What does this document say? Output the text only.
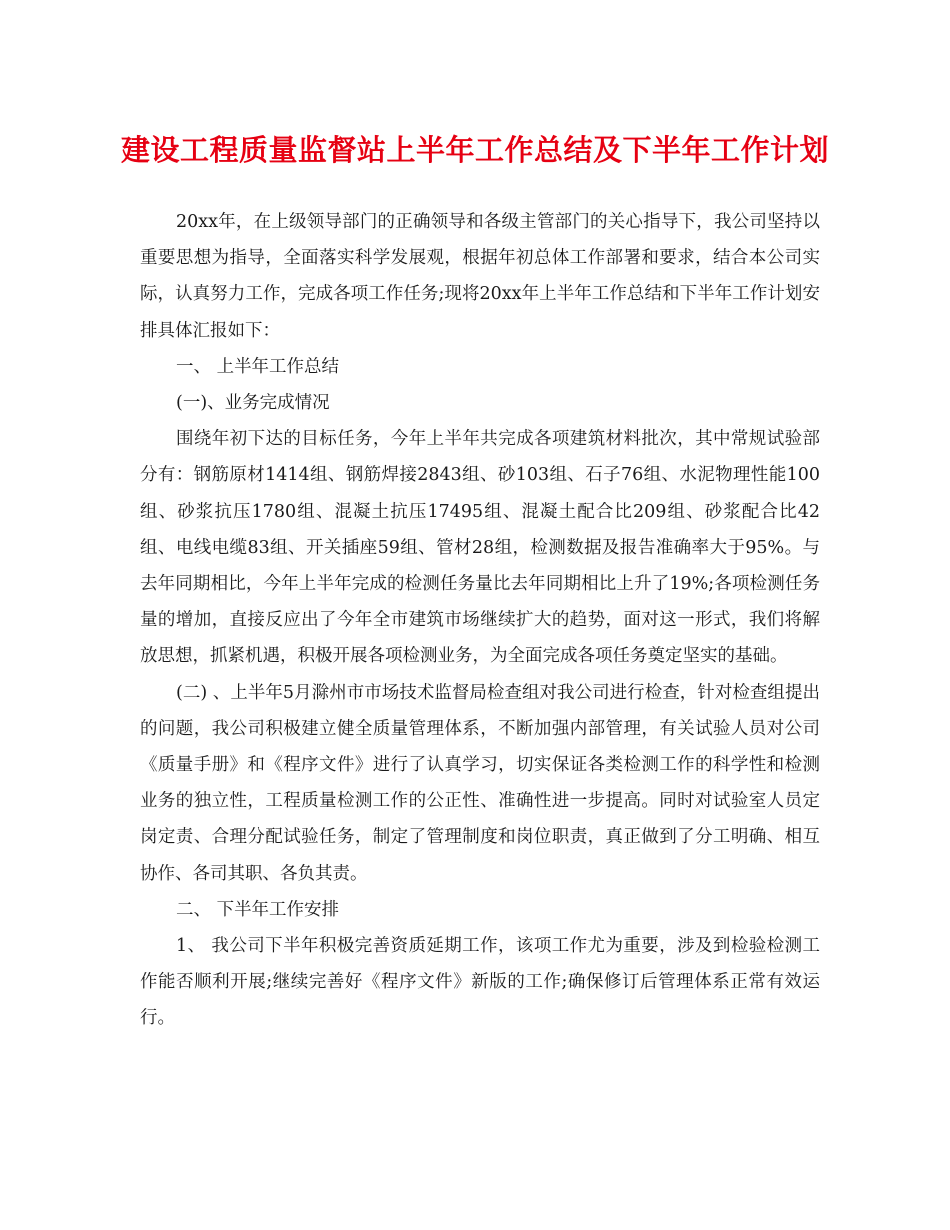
建设工程质量监督站上半年工作总结及下半年工作计划

20xx年，在上级领导部门的正确领导和各级主管部门的关心指导下，我公司坚持以重要思想为指导，全面落实科学发展观，根据年初总体工作部署和要求，结合本公司实际，认真努力工作，完成各项工作任务;现将20xx年上半年工作总结和下半年工作计划安排具体汇报如下：

一、 上半年工作总结

(一)、业务完成情况

围绕年初下达的目标任务，今年上半年共完成各项建筑材料批次，其中常规试验部分有：钢筋原材1414组、钢筋焊接2843组、砂103组、石子76组、水泥物理性能100组、砂浆抗压1780组、混凝土抗压17495组、混凝土配合比209组、砂浆配合比42组、电线电缆83组、开关插座59组、管材28组，检测数据及报告准确率大于95%。与去年同期相比，今年上半年完成的检测任务量比去年同期相比上升了19%;各项检测任务量的增加，直接反应出了今年全市建筑市场继续扩大的趋势，面对这一形式，我们将解放思想，抓紧机遇，积极开展各项检测业务，为全面完成各项任务奠定坚实的基础。

(二) 、上半年5月滁州市市场技术监督局检查组对我公司进行检查，针对检查组提出的问题，我公司积极建立健全质量管理体系，不断加强内部管理，有关试验人员对公司《质量手册》和《程序文件》进行了认真学习，切实保证各类检测工作的科学性和检测业务的独立性，工程质量检测工作的公正性、准确性进一步提高。同时对试验室人员定岗定责、合理分配试验任务，制定了管理制度和岗位职责，真正做到了分工明确、相互协作、各司其职、各负其责。

二、 下半年工作安排

1、 我公司下半年积极完善资质延期工作，该项工作尤为重要，涉及到检验检测工作能否顺利开展;继续完善好《程序文件》新版的工作;确保修订后管理体系正常有效运行。
